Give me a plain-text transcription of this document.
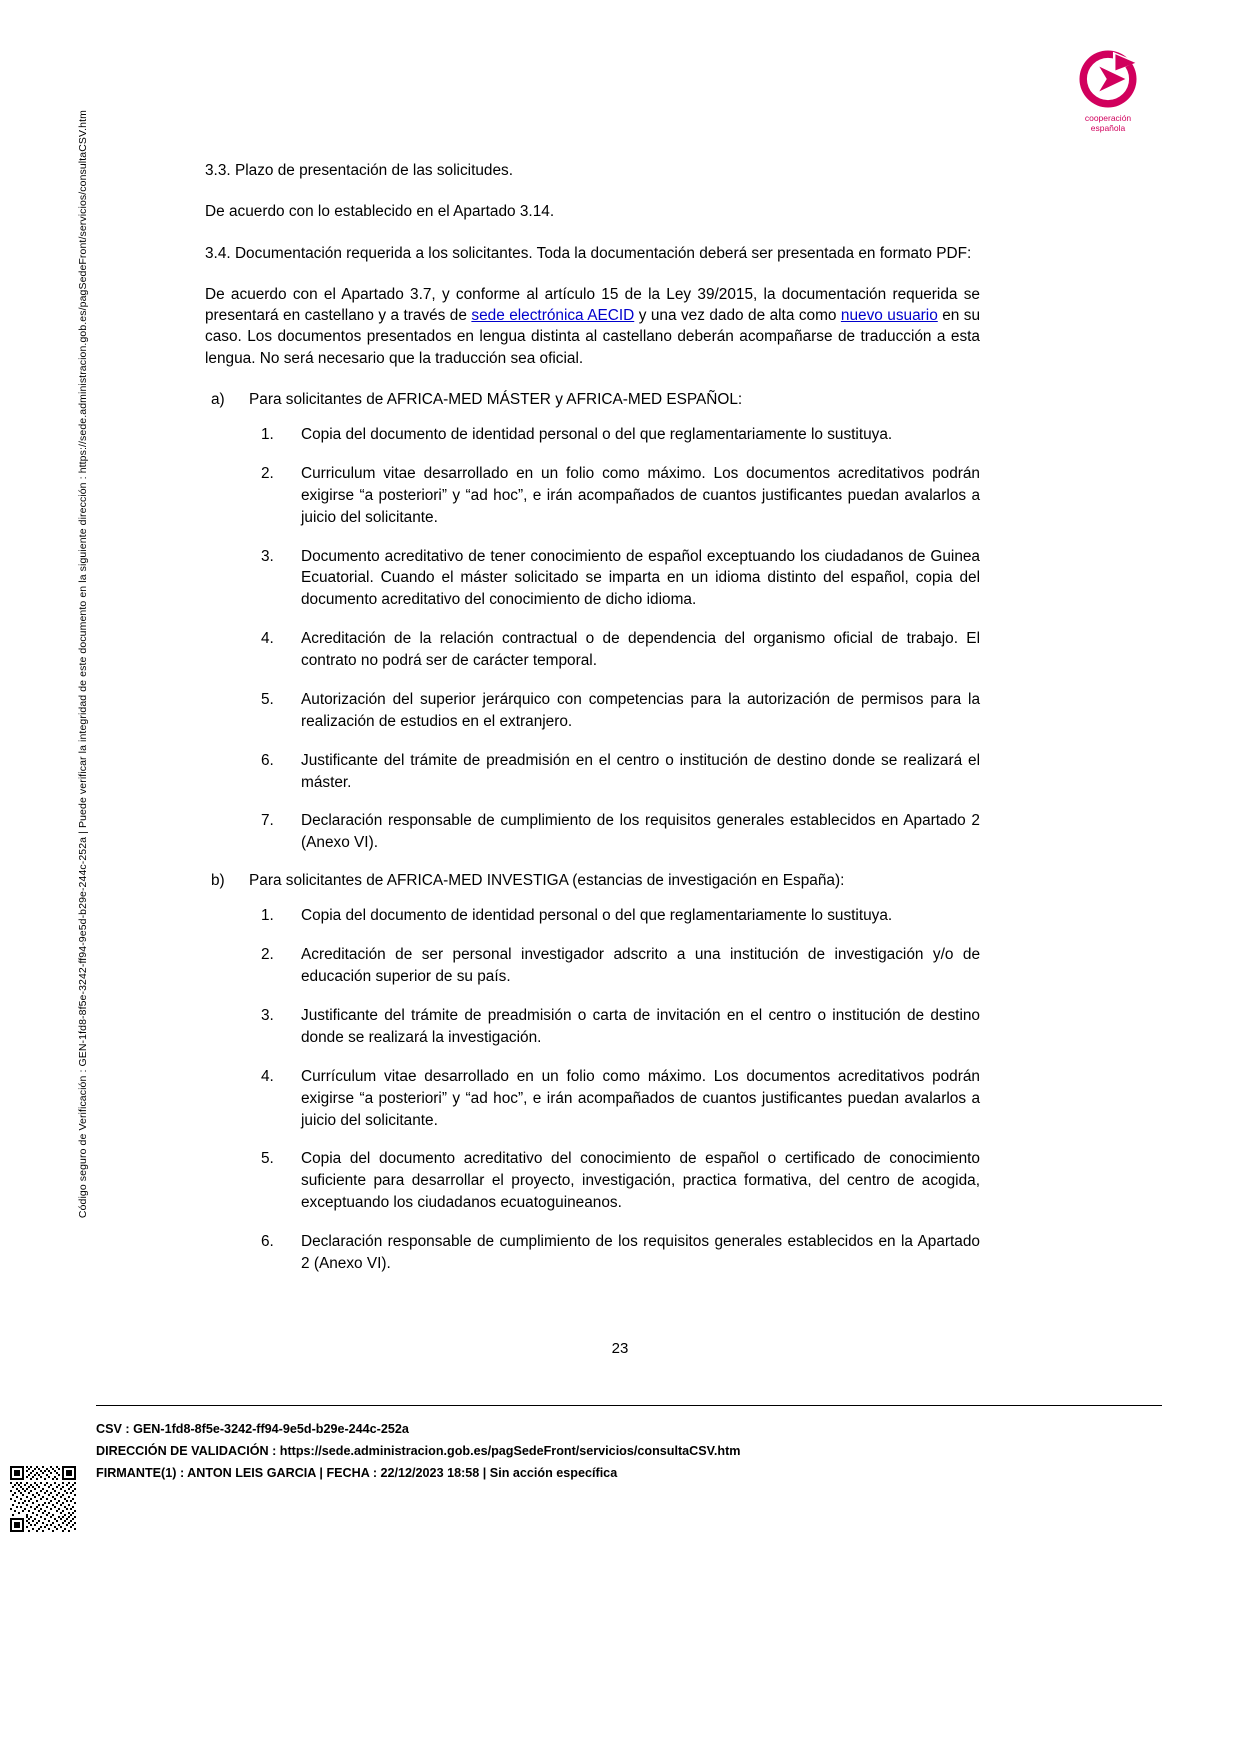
Código seguro de Verificación : GEN-1fd8-8f5e-3242-ff94-9e5d-b29e-244c-252a | Puede verificar la integridad de este documento en la siguiente dirección : https://sede.administracion.gob.es/pagSedeFront/servicios/consultaCSV.htm	cooperación
española

3.3. Plazo de presentación de las solicitudes.

De acuerdo con lo establecido en el Apartado 3.14.

3.4. Documentación requerida a los solicitantes. Toda la documentación deberá ser presentada en formato PDF:

De acuerdo con el Apartado 3.7, y conforme al artículo 15 de la Ley 39/2015, la documentación requerida se presentará en castellano y a través de sede electrónica AECID y una vez dado de alta como nuevo usuario en su caso. Los documentos presentados en lengua distinta al castellano deberán acompañarse de traducción a esta lengua. No será necesario que la traducción sea oficial.

a)	Para solicitantes de AFRICA-MED MÁSTER y AFRICA-MED ESPAÑOL:
1.	Copia del documento de identidad personal o del que reglamentariamente lo sustituya.
2.	Curriculum vitae desarrollado en un folio como máximo. Los documentos acreditativos podrán exigirse “a posteriori” y “ad hoc”, e irán acompañados de cuantos justificantes puedan avalarlos a juicio del solicitante.
3.	Documento acreditativo de tener conocimiento de español exceptuando los ciudadanos de Guinea Ecuatorial. Cuando el máster solicitado se imparta en un idioma distinto del español, copia del documento acreditativo del conocimiento de dicho idioma.
4.	Acreditación de la relación contractual o de dependencia del organismo oficial de trabajo. El contrato no podrá ser de carácter temporal.
5.	Autorización del superior jerárquico con competencias para la autorización de permisos para la realización de estudios en el extranjero.
6.	Justificante del trámite de preadmisión en el centro o institución de destino donde se realizará el máster.
7.	Declaración responsable de cumplimiento de los requisitos generales establecidos en Apartado 2 (Anexo VI).
b)	Para solicitantes de AFRICA-MED INVESTIGA (estancias de investigación en España):
1.	Copia del documento de identidad personal o del que reglamentariamente lo sustituya.
2.	Acreditación de ser personal investigador adscrito a una institución de investigación y/o de educación superior de su país.
3.	Justificante del trámite de preadmisión o carta de invitación en el centro o institución de destino donde se realizará la investigación.
4.	Currículum vitae desarrollado en un folio como máximo. Los documentos acreditativos podrán exigirse “a posteriori” y “ad hoc”, e irán acompañados de cuantos justificantes puedan avalarlos a juicio del solicitante.
5.	Copia del documento acreditativo del conocimiento de español o certificado de conocimiento suficiente para desarrollar el proyecto, investigación, practica formativa, del centro de acogida, exceptuando los ciudadanos ecuatoguineanos.
6.	Declaración responsable de cumplimiento de los requisitos generales establecidos en la Apartado 2 (Anexo VI).
23
CSV : GEN-1fd8-8f5e-3242-ff94-9e5d-b29e-244c-252a
DIRECCIÓN DE VALIDACIÓN : https://sede.administracion.gob.es/pagSedeFront/servicios/consultaCSV.htm
FIRMANTE(1) : ANTON LEIS GARCIA | FECHA : 22/12/2023 18:58 | Sin acción específica
